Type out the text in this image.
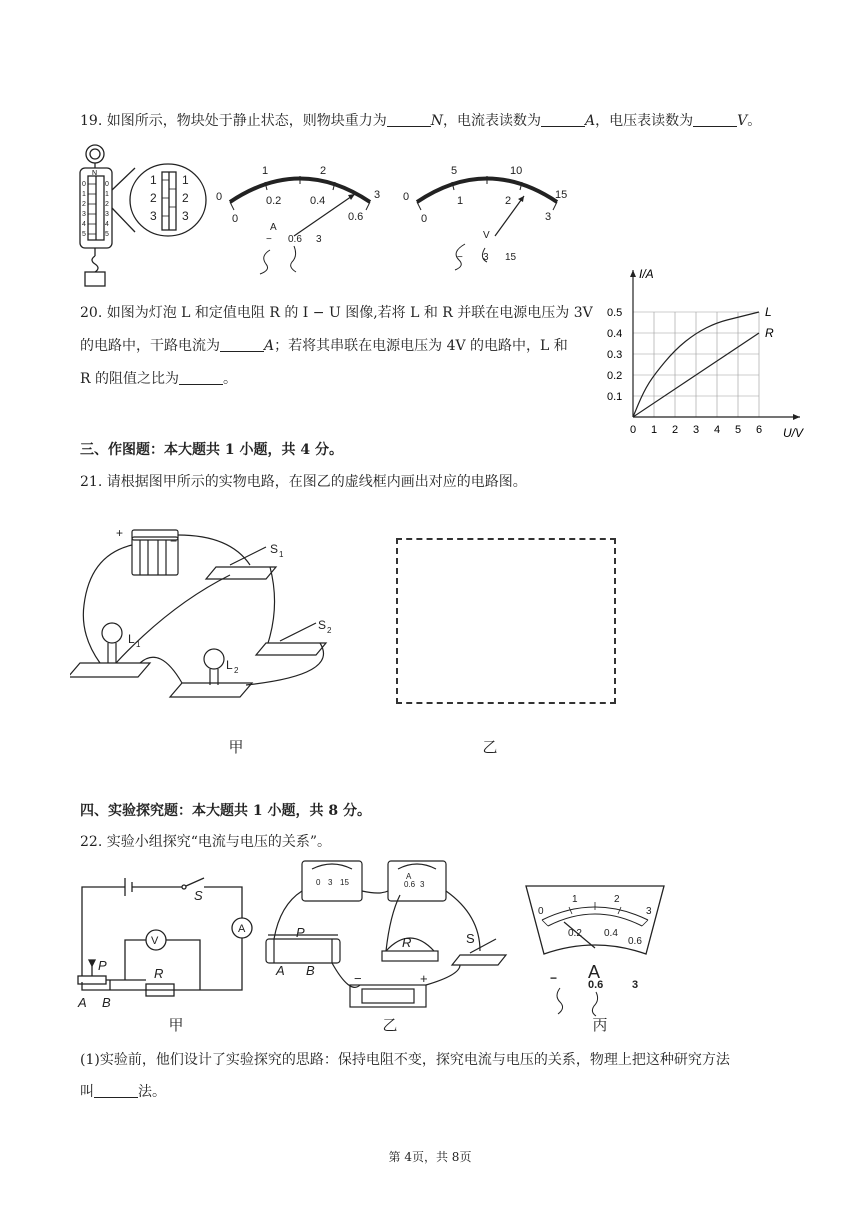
19. 如图所示，物块处于静止状态，则物块重力为	N，电流表读数为	A，电压表读数为	V。
N
0
1
2
3
4
5
0
1
2
3
4
5
1
2
3
1
2
3
0
1	2
3
0
0.2	0.4
0.6
A
− 0.6 3
0
5	10
15
0
1	2
3
V
− 3 15
20. 如图为灯泡 L 和定值电阻 R 的 I − U 图像,若将 L 和 R 并联在电源电压为 3V
的电路中，干路电流为	A；若将其串联在电源电压为 4V 的电路中，L 和
R 的阻值之比为	。
I/A
U/V
0 1 2 3 4 5 6
0.1
0.2
0.3
0.4
0.5	L
R
三、作图题：本大题共 1 小题，共 4 分。
21. 请根据图甲所示的实物电路，在图乙的虚线框内画出对应的电路图。
+
−
S 1
S 2
L 1
L 2
甲	乙
四、实验探究题：本大题共 1 小题，共 8 分。
22. 实验小组探究“电流与电压的关系”。
S
A
V
P
R
A B
0 3 15
A
0.6 3
P
A B
R	S
−	+
0
1	2
3
0.2 0.4
0.6
A
−	0.6	3
甲	乙	丙
(1)实验前，他们设计了实验探究的思路：保持电阻不变，探究电流与电压的关系，物理上把这种研究方法
叫	法。
第 4页，共 8页
